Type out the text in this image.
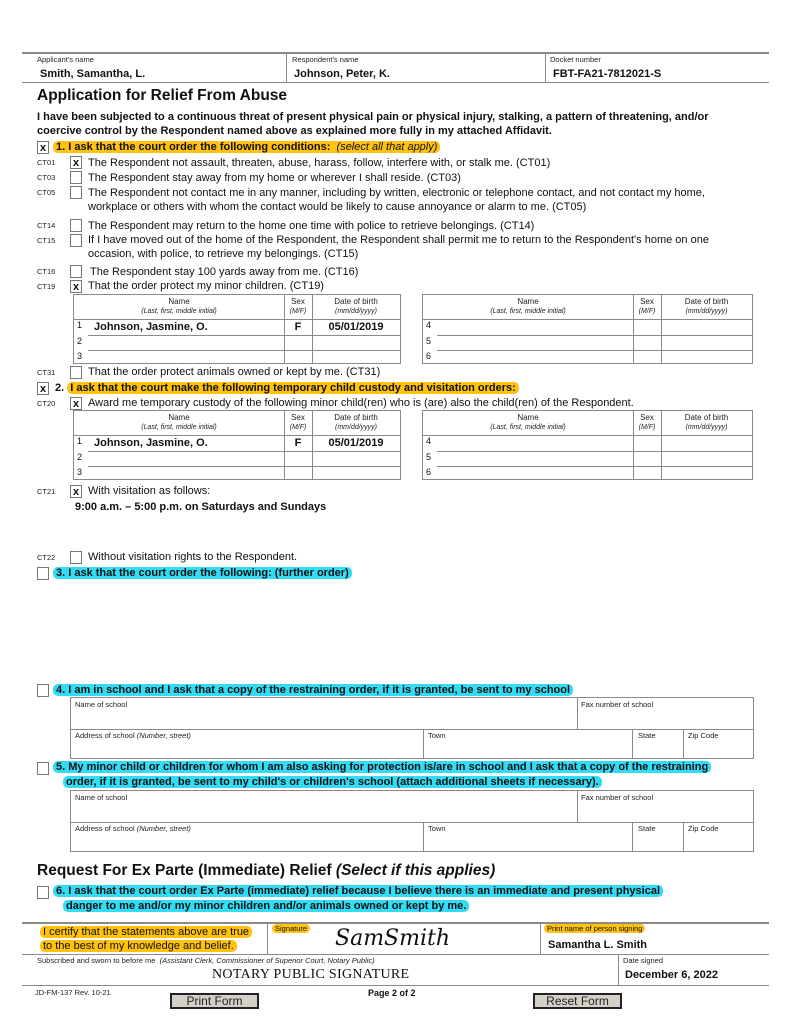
Applicant's name
Smith, Samantha, L.
Respondent's name
Johnson, Peter, K.
Docket number
FBT-FA21-7812021-S
Application for Relief From Abuse
I have been subjected to a continuous threat of present physical pain or physical injury, stalking, a pattern of threatening, and/or
coercive control by the Respondent named above as explained more fully in my attached Affidavit.
x 1. I ask that the court order the following conditions: (select all that apply)
CT01 x The Respondent not assault, threaten, abuse, harass, follow, interfere with, or stalk me. (CT01)
CT03	The Respondent stay away from my home or wherever I shall reside. (CT03)
CT05	The Respondent not contact me in any manner, including by written, electronic or telephone contact, and not contact my home,
workplace or others with whom the contact would be likely to cause annoyance or alarm to me. (CT05)
CT14	The Respondent may return to the home one time with police to retrieve belongings. (CT14)
CT15	If I have moved out of the home of the Respondent, the Respondent shall permit me to return to the Respondent's home on one
occasion, with police, to retrieve my belongings. (CT15)
CT16	The Respondent stay 100 yards away from me. (CT16)
CT19 x That the order protect my minor children. (CT19)
Name
(Last, first, middle initial)
Sex
(M/F)
Date of birth
(mm/dd/yyyy)
1 Johnson, Jasmine, O.	F	05/01/2019
2
3
Name
(Last, first, middle initial)
Sex
(M/F)
Date of birth
(mm/dd/yyyy)
4
5
6
CT31	That the order protect animals owned or kept by me. (CT31)
x 2. I ask that the court make the following temporary child custody and visitation orders:
CT20 x Award me temporary custody of the following minor child(ren) who is (are) also the child(ren) of the Respondent.
Name
(Last, first, middle initial)
Sex
(M/F)
Date of birth
(mm/dd/yyyy)
1 Johnson, Jasmine, O.	F	05/01/2019
2
3
Name
(Last, first, middle initial)
Sex
(M/F)
Date of birth
(mm/dd/yyyy)
4
5
6
CT21 x With visitation as follows:
9:00 a.m. – 5:00 p.m. on Saturdays and Sundays
CT22	Without visitation rights to the Respondent.
3. I ask that the court order the following: (further order)
4. I am in school and I ask that a copy of the restraining order, if it is granted, be sent to my school
Name of school	Fax number of school
Address of school (Number, street)	Town	State	Zip Code
5. My minor child or children for whom I am also asking for protection is/are in school and I ask that a copy of the restraining
order, if it is granted, be sent to my child's or children's school (attach additional sheets if necessary).
Name of school	Fax number of school
Address of school (Number, street)	Town	State	Zip Code
Request For Ex Parte (Immediate) Relief (Select if this applies)
6. I ask that the court order Ex Parte (immediate) relief because I believe there is an immediate and present physical
danger to me and/or my minor children and/or animals owned or kept by me.
I certify that the statements above are true
to the best of my knowledge and belief.
Signature SamSmith	Print name of person signing
Samantha L. Smith
Subscribed and sworn to before me (Assistant Clerk, Commissioner of Superior Court, Notary Public)
NOTARY PUBLIC SIGNATURE
Date signed
December 6, 2022
JD-FM-137 Rev. 10-21	Page 2 of 2
Print Form	Reset Form
